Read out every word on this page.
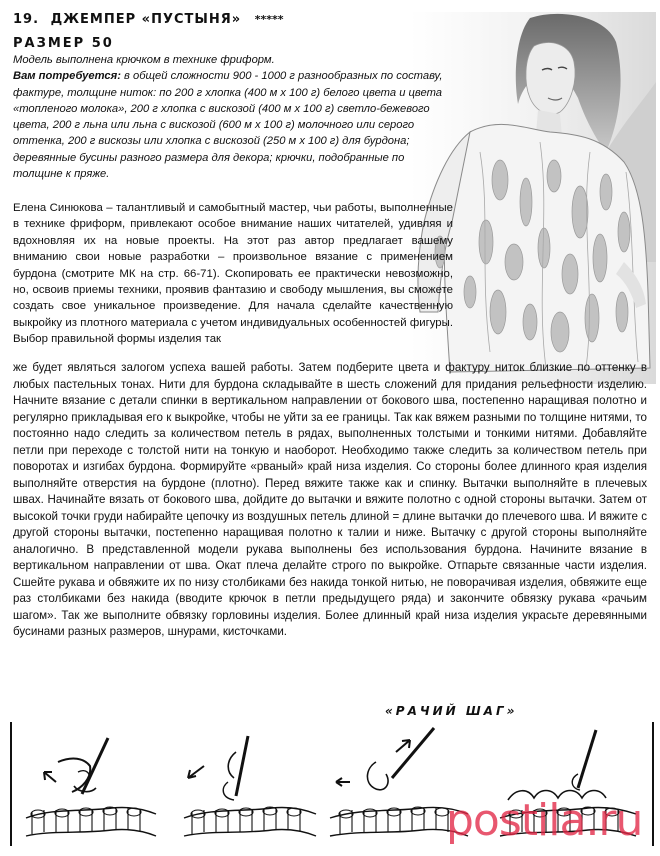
19. ДЖЕМПЕР «ПУСТЫНЯ» *****
РАЗМЕР 50
Модель выполнена крючком в технике фриформ.
Вам потребуется: в общей сложности 900 - 1000 г разнообразных по составу, фактуре, толщине ниток: по 200 г хлопка (400 м х 100 г) белого цвета и цвета «топленого молока», 200 г хлопка с вискозой (400 м х 100 г) светло-бежевого цвета, 200 г льна или льна с вискозой (600 м х 100 г) молочного или серого оттенка, 200 г вискозы или хлопка с вискозой (250 м х 100 г) для бурдона; деревянные бусины разного размера для декора; крючки, подобранные по толщине к пряже.
Елена Синюкова – талантливый и самобытный мастер, чьи работы, выполненные в технике фриформ, привлекают особое внимание наших читателей, удивляя и вдохновляя их на новые проекты. На этот раз автор предлагает вашему вниманию свои новые разработки – произвольное вязание с применением бурдона (смотрите МК на стр. 66-71). Скопировать ее практически невозможно, но, освоив приемы техники, проявив фантазию и свободу мышления, вы сможете создать свое уникальное произведение. Для начала сделайте качественную выкройку из плотного материала с учетом индивидуальных особенностей фигуры. Выбор правильной формы изделия так
же будет являться залогом успеха вашей работы. Затем подберите цвета и фактуру ниток близкие по оттенку в любых пастельных тонах. Нити для бурдона складывайте в шесть сложений для придания рельефности изделию. Начните вязание с детали спинки в вертикальном направлении от бокового шва, постепенно наращивая полотно и регулярно прикладывая его к выкройке, чтобы не уйти за ее границы. Так как вяжем разными по толщине нитями, то постоянно надо следить за количеством петель в рядах, выполненных толстыми и тонкими нитями. Добавляйте петли при переходе с толстой нити на тонкую и наоборот. Необходимо также следить за количеством петель при поворотах и изгибах бурдона. Формируйте «рваный» край низа изделия. Со стороны более длинного края изделия выполняйте отверстия на бурдоне (плотно). Перед вяжите также как и спинку. Вытачки выполняйте в плечевых швах. Начинайте вязать от бокового шва, дойдите до вытачки и вяжите полотно с одной стороны вытачки. Затем от высокой точки груди набирайте цепочку из воздушных петель длиной = длине вытачки до плечевого шва. И вяжите с другой стороны вытачки, постепенно наращивая полотно к талии и ниже. Вытачку с другой стороны выполняйте аналогично. В представленной модели рукава выполнены без использования бурдона. Начините вязание в вертикальном направлении от шва. Окат плеча делайте строго по выкройке. Отпарьте связанные части изделия. Сшейте рукава и обвяжите их по низу столбиками без накида тонкой нитью, не поворачивая изделия, обвяжите еще раз столбиками без накида (вводите крючок в петли предыдущего ряда) и закончите обвязку рукава «рачьим шагом». Так же выполните обвязку горловины изделия. Более длинный край низа изделия украсьте деревянными бусинами разных размеров, шнурами, кисточками.
«РАЧИЙ ШАГ»
postila.ru
